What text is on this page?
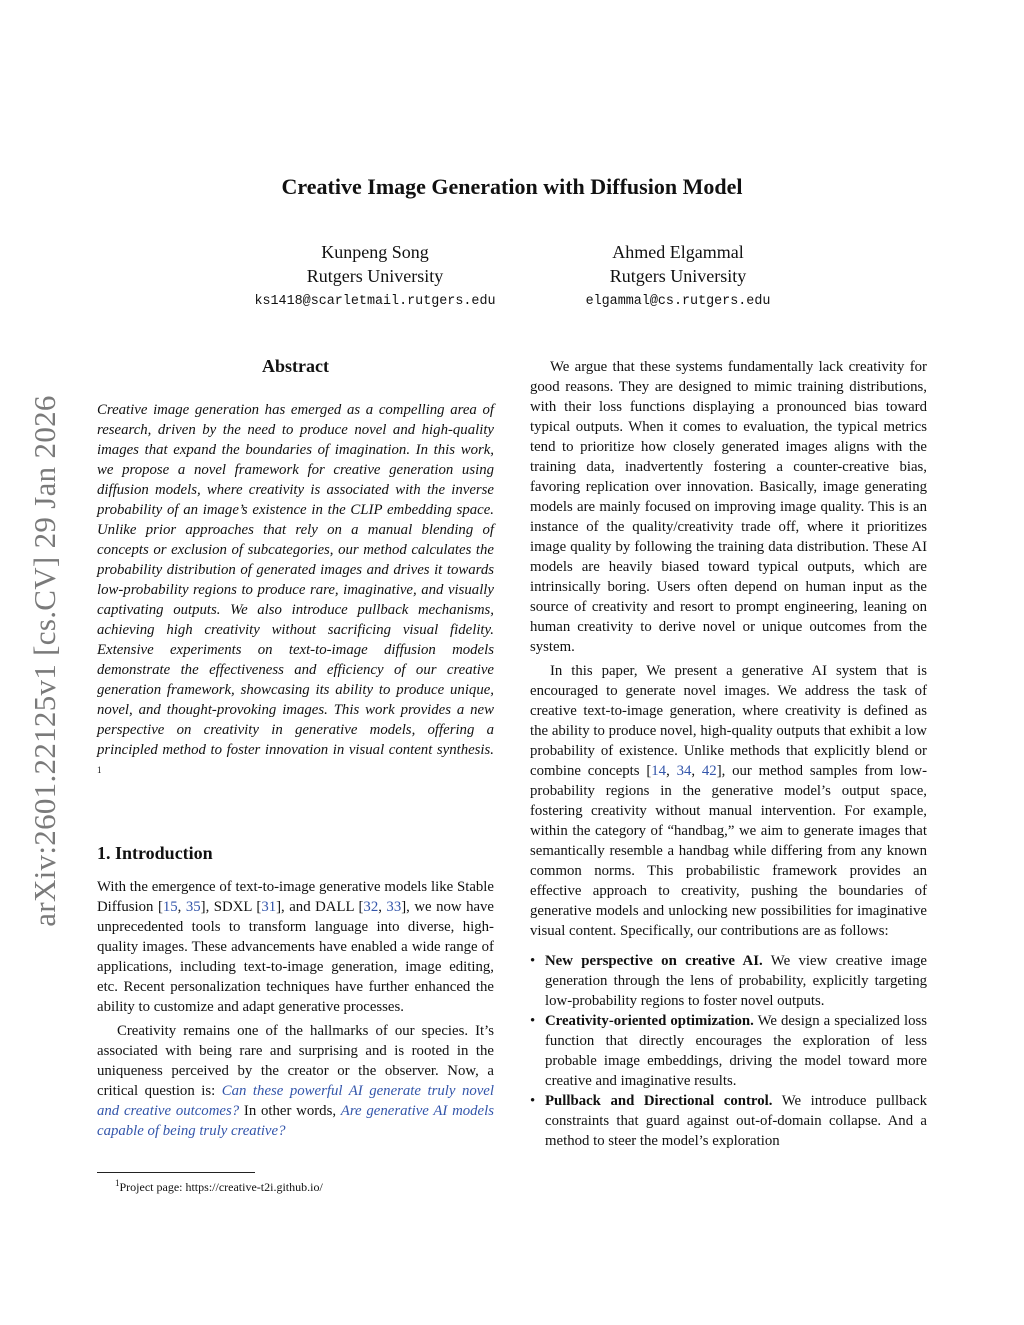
arXiv:2601.22125v1 [cs.CV] 29 Jan 2026
Creative Image Generation with Diffusion Model
Kunpeng Song
Rutgers University
ks1418@scarletmail.rutgers.edu
Ahmed Elgammal
Rutgers University
elgammal@cs.rutgers.edu
Abstract
Creative image generation has emerged as a compelling area of research, driven by the need to produce novel and high-quality images that expand the boundaries of imagination. In this work, we propose a novel framework for creative generation using diffusion models, where creativity is associated with the inverse probability of an image’s existence in the CLIP embedding space. Unlike prior approaches that rely on a manual blending of concepts or exclusion of subcategories, our method calculates the probability distribution of generated images and drives it towards low-probability regions to produce rare, imaginative, and visually captivating outputs. We also introduce pullback mechanisms, achieving high creativity without sacrificing visual fidelity. Extensive experiments on text-to-image diffusion models demonstrate the effectiveness and efficiency of our creative generation framework, showcasing its ability to produce unique, novel, and thought-provoking images. This work provides a new perspective on creativity in generative models, offering a principled method to foster innovation in visual content synthesis. $^1$
1. Introduction

With the emergence of text-to-image generative models like Stable Diffusion [15, 35], SDXL [31], and DALL [32, 33], we now have unprecedented tools to transform language into diverse, high-quality images. These advancements have enabled a wide range of applications, including text-to-image generation, image editing, etc. Recent personalization techniques have further enhanced the ability to customize and adapt generative processes.

Creativity remains one of the hallmarks of our species. It’s associated with being rare and surprising and is rooted in the uniqueness perceived by the creator or the observer. Now, a critical question is: Can these powerful AI generate truly novel and creative outcomes? In other words, Are generative AI models capable of being truly creative?

$^1$Project page: https://creative-t2i.github.io/

We argue that these systems fundamentally lack creativity for good reasons. They are designed to mimic training distributions, with their loss functions displaying a pronounced bias toward typical outputs. When it comes to evaluation, the typical metrics tend to prioritize how closely generated images aligns with the training data, inadvertently fostering a counter-creative bias, favoring replication over innovation. Basically, image generating models are mainly focused on improving image quality. This is an instance of the quality/creativity trade off, where it prioritizes image quality by following the training data distribution. These AI models are heavily biased toward typical outputs, which are intrinsically boring. Users often depend on human input as the source of creativity and resort to prompt engineering, leaning on human creativity to derive novel or unique outcomes from the system.

In this paper, We present a generative AI system that is encouraged to generate novel images. We address the task of creative text-to-image generation, where creativity is defined as the ability to produce novel, high-quality outputs that exhibit a low probability of existence. Unlike methods that explicitly blend or combine concepts [14, 34, 42], our method samples from low-probability regions in the generative model’s output space, fostering creativity without manual intervention. For example, within the category of “handbag,” we aim to generate images that semantically resemble a handbag while differing from any known common norms. This probabilistic framework provides an effective approach to creativity, pushing the boundaries of generative models and unlocking new possibilities for imaginative visual content. Specifically, our contributions are as follows:

• New perspective on creative AI. We view creative image generation through the lens of probability, explicitly targeting low-probability regions to foster novel outputs.
• Creativity-oriented optimization. We design a specialized loss function that directly encourages the exploration of less probable image embeddings, driving the model toward more creative and imaginative results.
• Pullback and Directional control. We introduce pullback constraints that guard against out-of-domain collapse. And a method to steer the model’s exploration
